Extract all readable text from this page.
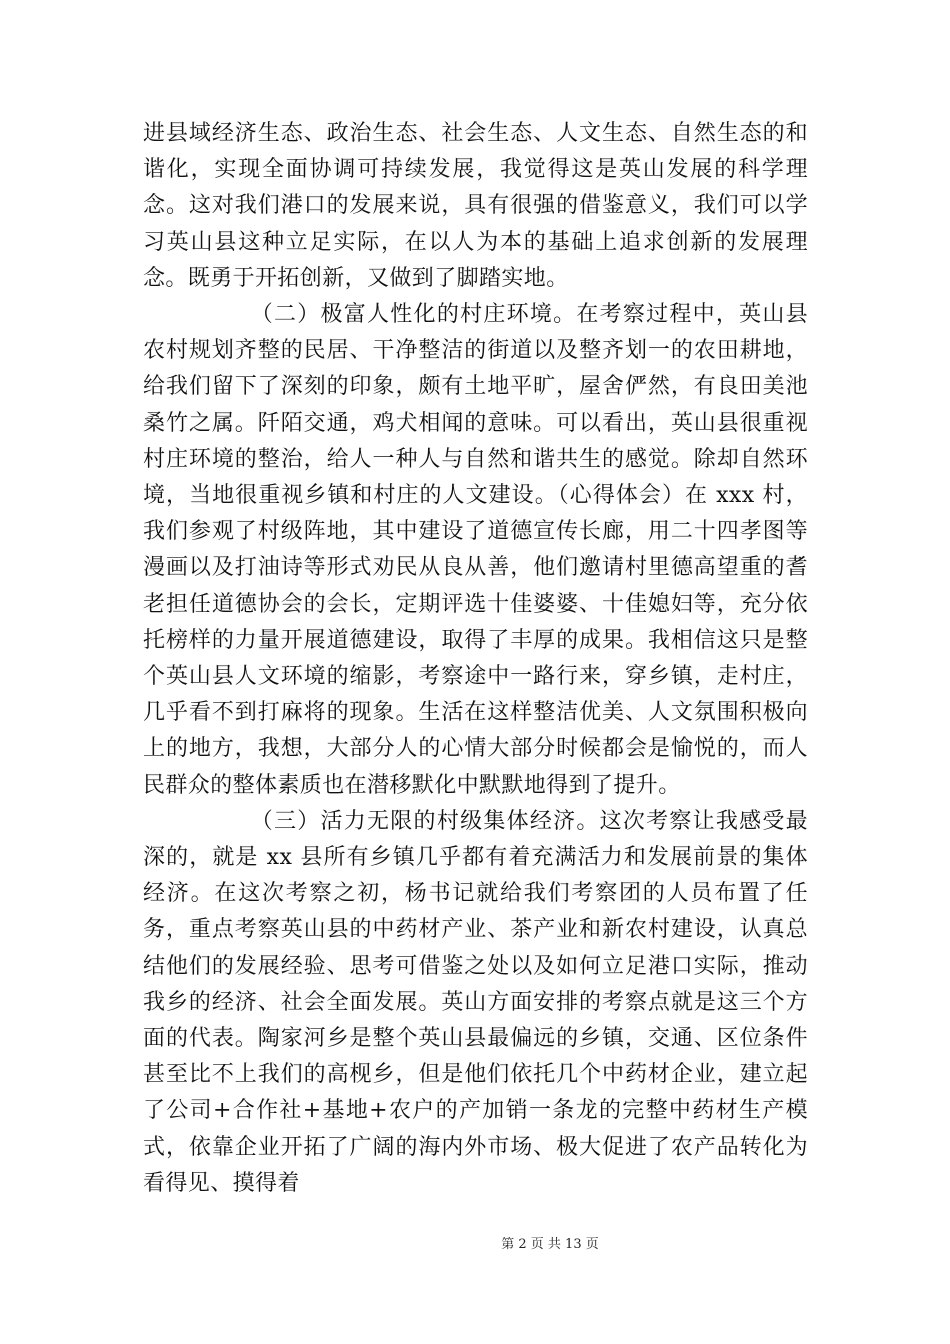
进县域经济生态、政治生态、社会生态、人文生态、自然生态的和谐化，实现全面协调可持续发展，我觉得这是英山发展的科学理念。这对我们港口的发展来说，具有很强的借鉴意义，我们可以学习英山县这种立足实际，在以人为本的基础上追求创新的发展理念。既勇于开拓创新，又做到了脚踏实地。

（二）极富人性化的村庄环境。在考察过程中，英山县农村规划齐整的民居、干净整洁的街道以及整齐划一的农田耕地，给我们留下了深刻的印象，颇有土地平旷，屋舍俨然，有良田美池桑竹之属。阡陌交通，鸡犬相闻的意味。可以看出，英山县很重视村庄环境的整治，给人一种人与自然和谐共生的感觉。除却自然环境，当地很重视乡镇和村庄的人文建设。（心得体会）在 xxx 村，我们参观了村级阵地，其中建设了道德宣传长廊，用二十四孝图等漫画以及打油诗等形式劝民从良从善，他们邀请村里德高望重的耆老担任道德协会的会长，定期评选十佳婆婆、十佳媳妇等，充分依托榜样的力量开展道德建设，取得了丰厚的成果。我相信这只是整个英山县人文环境的缩影，考察途中一路行来，穿乡镇，走村庄，几乎看不到打麻将的现象。生活在这样整洁优美、人文氛围积极向上的地方，我想，大部分人的心情大部分时候都会是愉悦的，而人民群众的整体素质也在潜移默化中默默地得到了提升。

（三）活力无限的村级集体经济。这次考察让我感受最深的，就是 xx 县所有乡镇几乎都有着充满活力和发展前景的集体经济。在这次考察之初，杨书记就给我们考察团的人员布置了任务，重点考察英山县的中药材产业、茶产业和新农村建设，认真总结他们的发展经验、思考可借鉴之处以及如何立足港口实际，推动我乡的经济、社会全面发展。英山方面安排的考察点就是这三个方面的代表。陶家河乡是整个英山县最偏远的乡镇，交通、区位条件甚至比不上我们的高枧乡，但是他们依托几个中药材企业，建立起了公司+合作社+基地+农户的产加销一条龙的完整中药材生产模式，依靠企业开拓了广阔的海内外市场、极大促进了农产品转化为看得见、摸得着

第 2 页 共 13 页
